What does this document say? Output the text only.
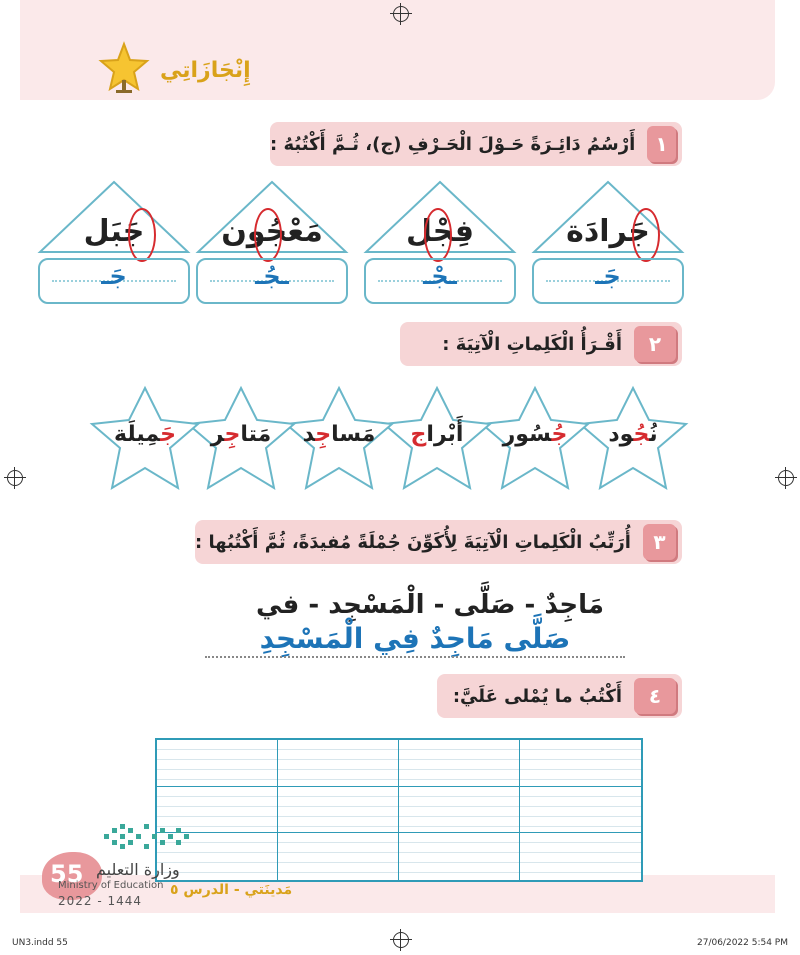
إِنْجَازَاتِي
١
أَرْسُمُ دَائِـرَةً حَـوْلَ الْحَـرْفِ (ج)، ثُـمَّ أَكْتُبُهُ :
جَرادَة
جَـ
فِجْل
ـجْـ
مَعْجُون
ـجُـ
جَبَل
جَـ
٢
أَقْـرَأُ الْكَلِماتِ الْآتِيَةَ :
نُجُود
جُسُور
أَبْراج
مَساجِد
مَتاجِر
جَمِيلَة
٣
أُرَتِّبُ الْكَلِماتِ الْآتِيَةَ لِأُكَوِّنَ جُمْلَةً مُفيدَةً، ثُمَّ أَكْتُبُها :
مَاجِدٌ - صَلَّى - الْمَسْجِد - في
صَلَّى مَاجِدٌ فِي الْمَسْجِدِ
٤
أَكْتُبُ ما يُمْلى عَلَيَّ:
55 وزارة التعليم
Ministry of Education
2022 - 1444
مَدينَتي - الدرس ٥
UN3.indd 55	27/06/2022 5:54 PM
